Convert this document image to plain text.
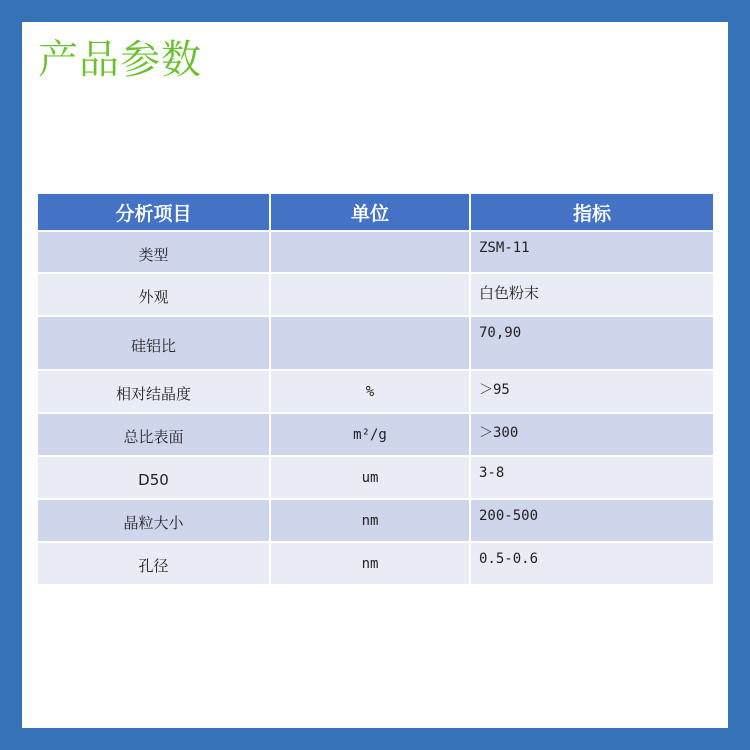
产品参数
分析项目	单位	指标
类型		ZSM-11
外观		白色粉末
硅铝比		70,90
相对结晶度	%	＞95
总比表面	m²/g	＞300
D50	um	3-8
晶粒大小	nm	200-500
孔径	nm	0.5-0.6
